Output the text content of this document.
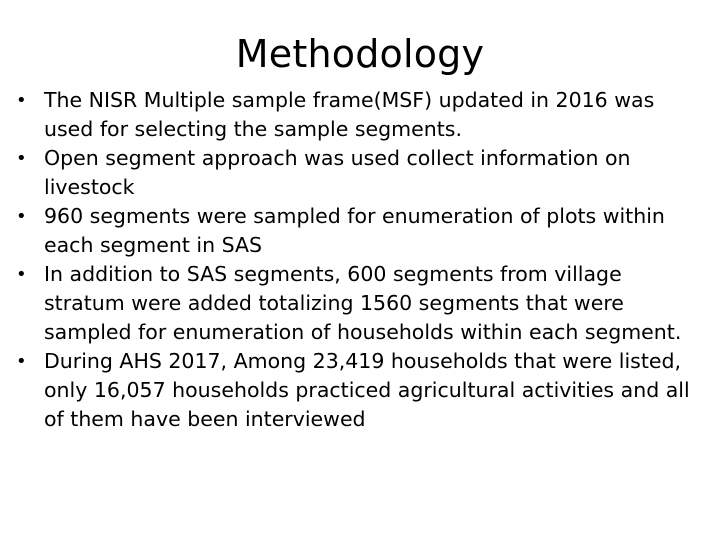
Methodology
• The NISR Multiple sample frame(MSF) updated in 2016 was used for selecting the sample segments.
• Open segment approach was used collect information on livestock
• 960 segments were sampled for enumeration of plots within each segment in SAS
• In addition to SAS segments, 600 segments from village stratum were added totalizing 1560 segments that were sampled for enumeration of households within each segment.
• During AHS 2017, Among 23,419 households that were listed, only 16,057 households practiced agricultural activities and all of them have been interviewed
